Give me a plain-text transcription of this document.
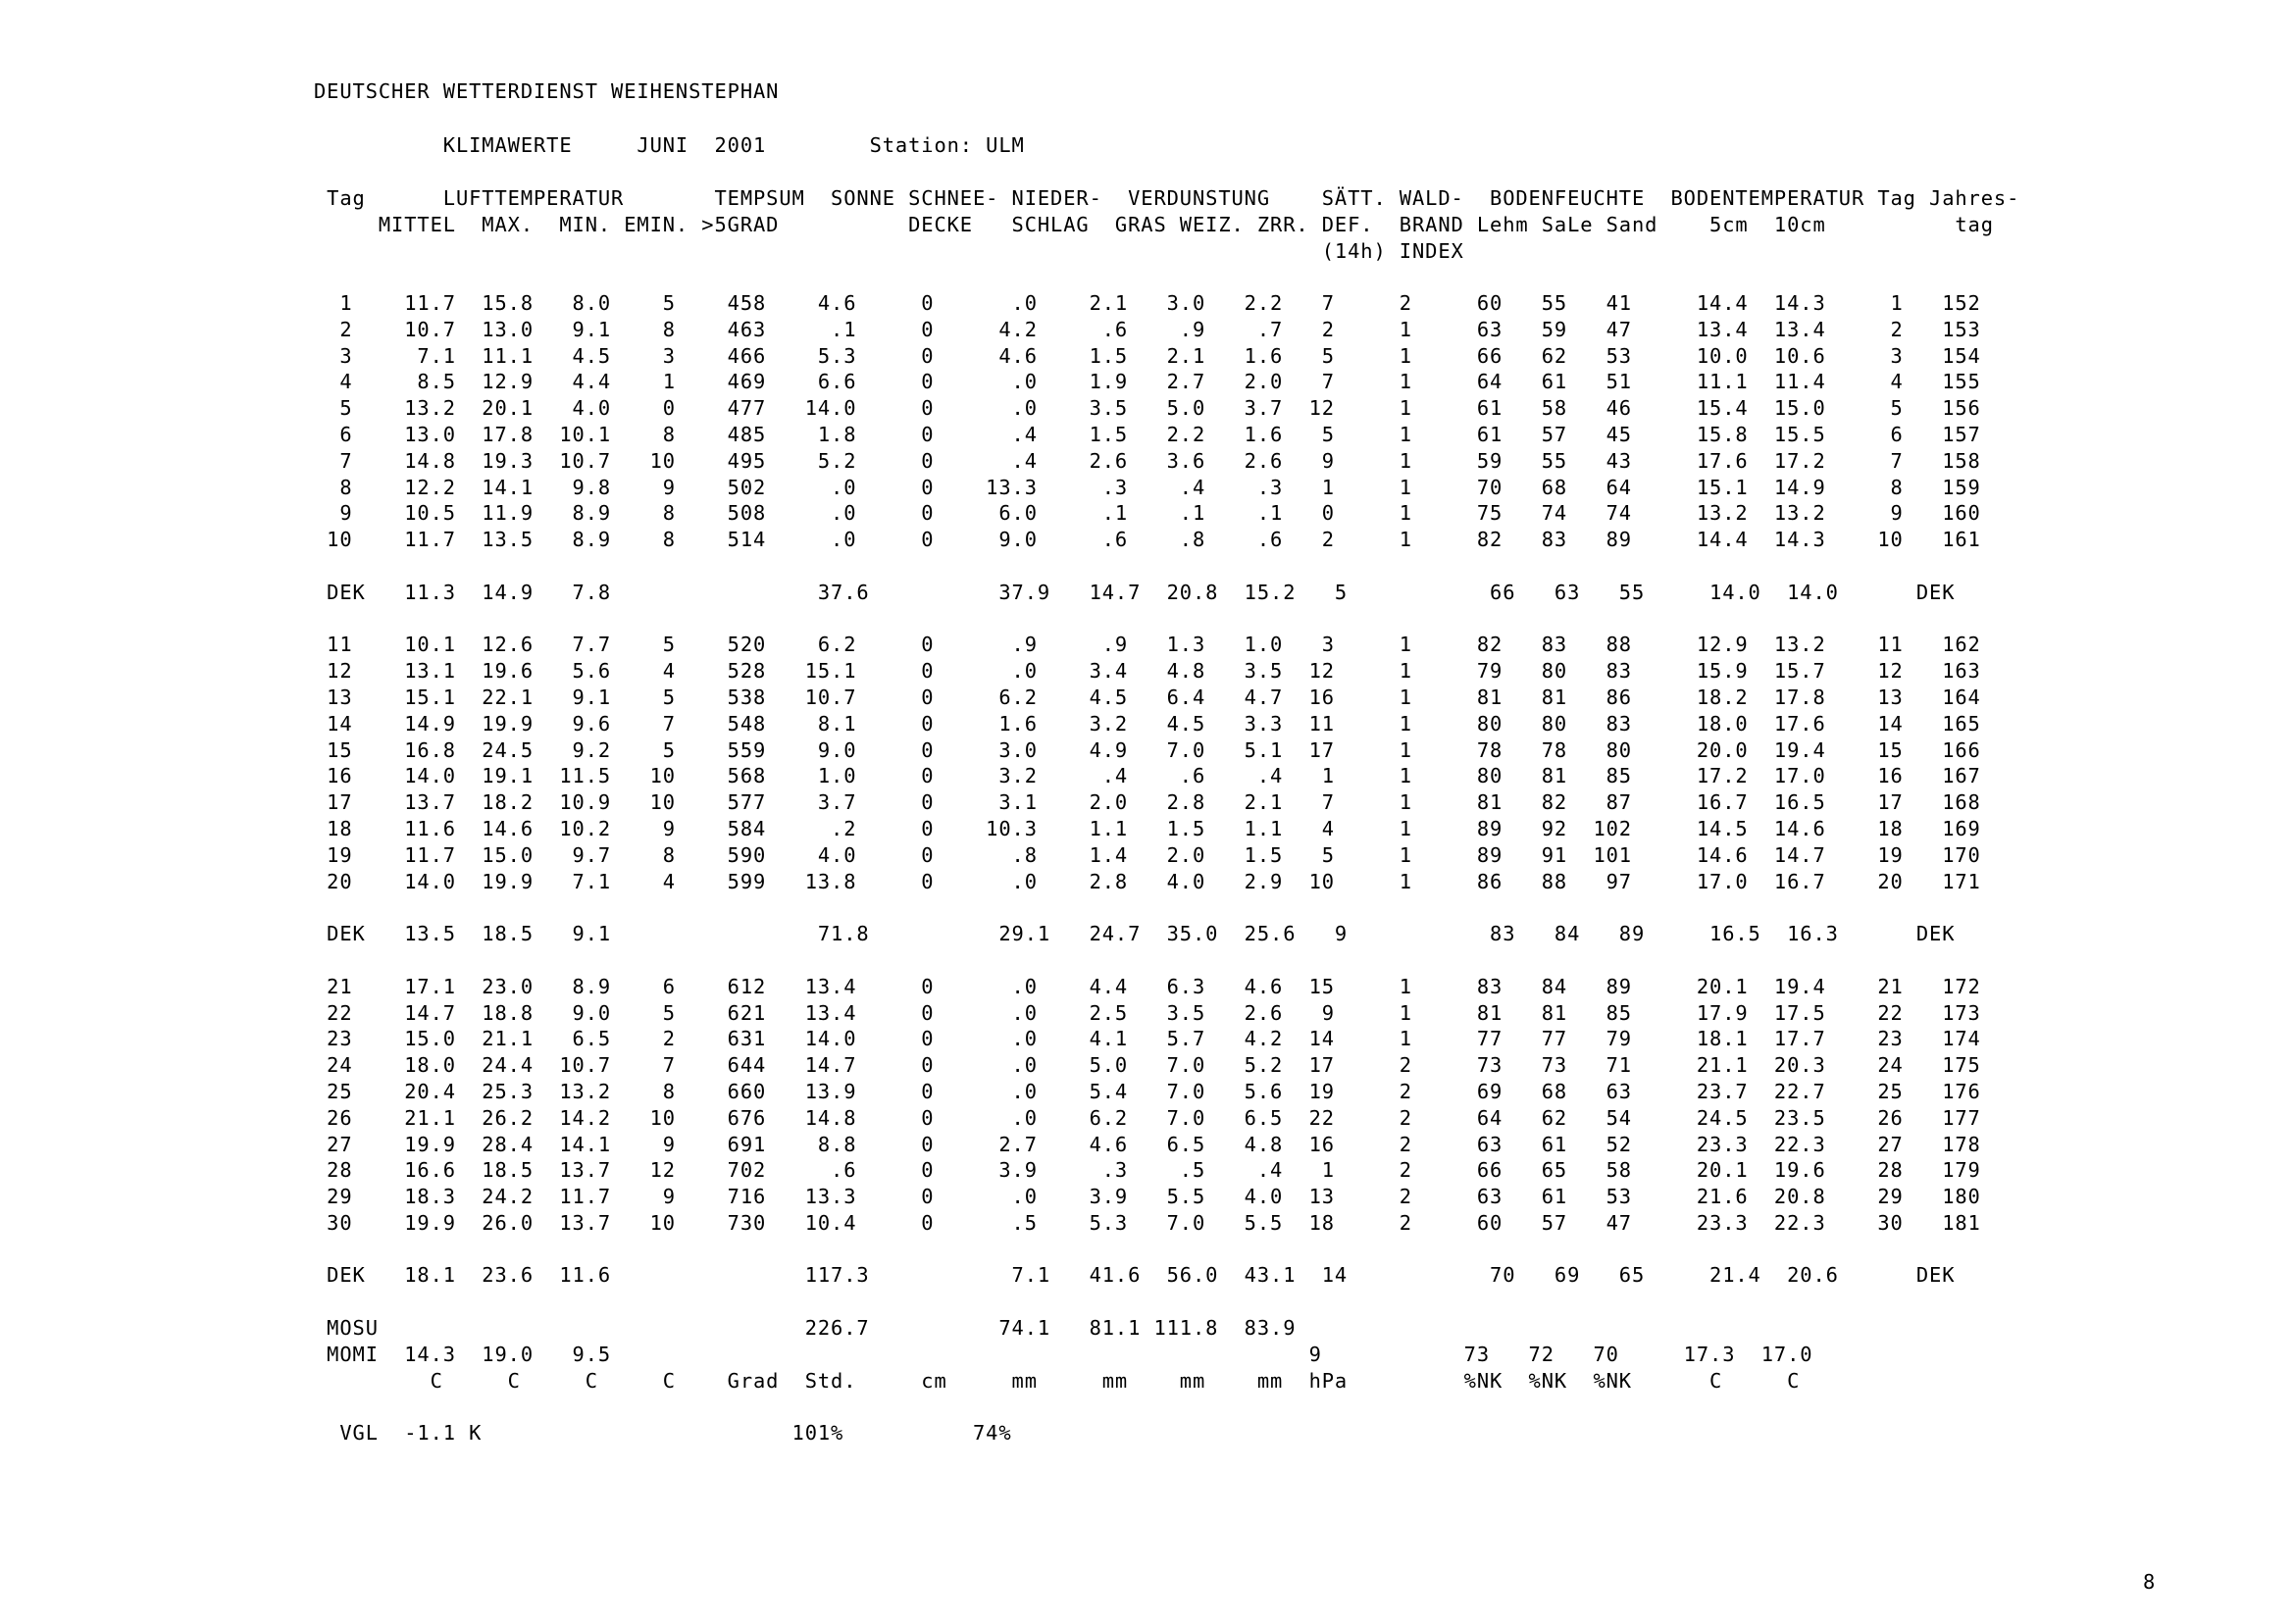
DEUTSCHER WETTERDIENST WEIHENSTEPHAN
KLIMAWERTE     JUNI  2001        Station: ULM
Tag      LUFTTEMPERATUR       TEMPSUM  SONNE SCHNEE- NIEDER-  VERDUNSTUNG    SÄTT. WALD-  BODENFEUCHTE  BODENTEMPERATUR Tag Jahres-
MITTEL  MAX.  MIN. EMIN. >5GRAD          DECKE   SCHLAG  GRAS WEIZ. ZRR. DEF.  BRAND Lehm SaLe Sand    5cm  10cm          tag
(14h) INDEX
1    11.7  15.8   8.0    5    458    4.6     0      .0    2.1   3.0   2.2   7     2     60   55   41     14.4  14.3     1   152
2    10.7  13.0   9.1    8    463     .1     0     4.2     .6    .9    .7   2     1     63   59   47     13.4  13.4     2   153
3     7.1  11.1   4.5    3    466    5.3     0     4.6    1.5   2.1   1.6   5     1     66   62   53     10.0  10.6     3   154
4     8.5  12.9   4.4    1    469    6.6     0      .0    1.9   2.7   2.0   7     1     64   61   51     11.1  11.4     4   155
5    13.2  20.1   4.0    0    477   14.0     0      .0    3.5   5.0   3.7  12     1     61   58   46     15.4  15.0     5   156
6    13.0  17.8  10.1    8    485    1.8     0      .4    1.5   2.2   1.6   5     1     61   57   45     15.8  15.5     6   157
7    14.8  19.3  10.7   10    495    5.2     0      .4    2.6   3.6   2.6   9     1     59   55   43     17.6  17.2     7   158
8    12.2  14.1   9.8    9    502     .0     0    13.3     .3    .4    .3   1     1     70   68   64     15.1  14.9     8   159
9    10.5  11.9   8.9    8    508     .0     0     6.0     .1    .1    .1   0     1     75   74   74     13.2  13.2     9   160
10    11.7  13.5   8.9    8    514     .0     0     9.0     .6    .8    .6   2     1     82   83   89     14.4  14.3    10   161

DEK   11.3  14.9   7.8                37.6          37.9   14.7  20.8  15.2   5           66   63   55     14.0  14.0      DEK

11    10.1  12.6   7.7    5    520    6.2     0      .9     .9   1.3   1.0   3     1     82   83   88     12.9  13.2    11   162
12    13.1  19.6   5.6    4    528   15.1     0      .0    3.4   4.8   3.5  12     1     79   80   83     15.9  15.7    12   163
13    15.1  22.1   9.1    5    538   10.7     0     6.2    4.5   6.4   4.7  16     1     81   81   86     18.2  17.8    13   164
14    14.9  19.9   9.6    7    548    8.1     0     1.6    3.2   4.5   3.3  11     1     80   80   83     18.0  17.6    14   165
15    16.8  24.5   9.2    5    559    9.0     0     3.0    4.9   7.0   5.1  17     1     78   78   80     20.0  19.4    15   166
16    14.0  19.1  11.5   10    568    1.0     0     3.2     .4    .6    .4   1     1     80   81   85     17.2  17.0    16   167
17    13.7  18.2  10.9   10    577    3.7     0     3.1    2.0   2.8   2.1   7     1     81   82   87     16.7  16.5    17   168
18    11.6  14.6  10.2    9    584     .2     0    10.3    1.1   1.5   1.1   4     1     89   92  102     14.5  14.6    18   169
19    11.7  15.0   9.7    8    590    4.0     0      .8    1.4   2.0   1.5   5     1     89   91  101     14.6  14.7    19   170
20    14.0  19.9   7.1    4    599   13.8     0      .0    2.8   4.0   2.9  10     1     86   88   97     17.0  16.7    20   171

DEK   13.5  18.5   9.1                71.8          29.1   24.7  35.0  25.6   9           83   84   89     16.5  16.3      DEK

21    17.1  23.0   8.9    6    612   13.4     0      .0    4.4   6.3   4.6  15     1     83   84   89     20.1  19.4    21   172
22    14.7  18.8   9.0    5    621   13.4     0      .0    2.5   3.5   2.6   9     1     81   81   85     17.9  17.5    22   173
23    15.0  21.1   6.5    2    631   14.0     0      .0    4.1   5.7   4.2  14     1     77   77   79     18.1  17.7    23   174
24    18.0  24.4  10.7    7    644   14.7     0      .0    5.0   7.0   5.2  17     2     73   73   71     21.1  20.3    24   175
25    20.4  25.3  13.2    8    660   13.9     0      .0    5.4   7.0   5.6  19     2     69   68   63     23.7  22.7    25   176
26    21.1  26.2  14.2   10    676   14.8     0      .0    6.2   7.0   6.5  22     2     64   62   54     24.5  23.5    26   177
27    19.9  28.4  14.1    9    691    8.8     0     2.7    4.6   6.5   4.8  16     2     63   61   52     23.3  22.3    27   178
28    16.6  18.5  13.7   12    702     .6     0     3.9     .3    .5    .4   1     2     66   65   58     20.1  19.6    28   179
29    18.3  24.2  11.7    9    716   13.3     0      .0    3.9   5.5   4.0  13     2     63   61   53     21.6  20.8    29   180
30    19.9  26.0  13.7   10    730   10.4     0      .5    5.3   7.0   5.5  18     2     60   57   47     23.3  22.3    30   181

DEK   18.1  23.6  11.6               117.3           7.1   41.6  56.0  43.1  14           70   69   65     21.4  20.6      DEK

MOSU                                 226.7          74.1   81.1 111.8  83.9
MOMI  14.3  19.0   9.5                                                      9           73   72   70     17.3  17.0
C     C     C     C    Grad  Std.     cm     mm     mm    mm    mm  hPa         %NK  %NK  %NK      C     C

VGL  -1.1 K                        101%          74%
8
